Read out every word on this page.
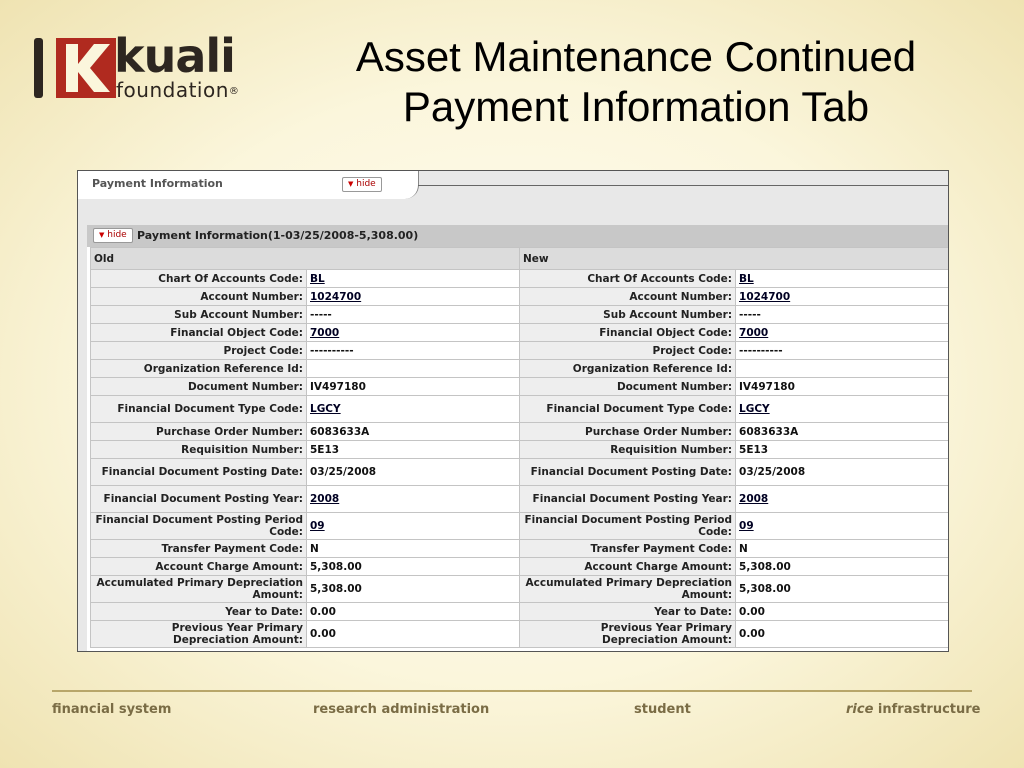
kuali
foundation®
Asset Maintenance Continued
Payment Information Tab
Payment Information	▼ hide
▼ hide Payment Information(1-03/25/2008-5,308.00)
Old		New	
Chart Of Accounts Code:	BL	Chart Of Accounts Code:	BL
Account Number:	1024700	Account Number:	1024700
Sub Account Number:	-----	Sub Account Number:	-----
Financial Object Code:	7000	Financial Object Code:	7000
Project Code:	----------	Project Code:	----------
Organization Reference Id:		Organization Reference Id:	
Document Number:	IV497180	Document Number:	IV497180
Financial Document Type Code:	LGCY	Financial Document Type Code:	LGCY
Purchase Order Number:	6083633A	Purchase Order Number:	6083633A
Requisition Number:	5E13	Requisition Number:	5E13
Financial Document Posting Date:	03/25/2008	Financial Document Posting Date:	03/25/2008
Financial Document Posting Year:	2008	Financial Document Posting Year:	2008
Financial Document Posting Period Code:	09	Financial Document Posting Period Code:	09
Transfer Payment Code:	N	Transfer Payment Code:	N
Account Charge Amount:	5,308.00	Account Charge Amount:	5,308.00
Accumulated Primary Depreciation Amount:	5,308.00	Accumulated Primary Depreciation Amount:	5,308.00
Year to Date:	0.00	Year to Date:	0.00
Previous Year Primary Depreciation Amount:	0.00	Previous Year Primary Depreciation Amount:	0.00
financial system	research administration	student	rice infrastructure
